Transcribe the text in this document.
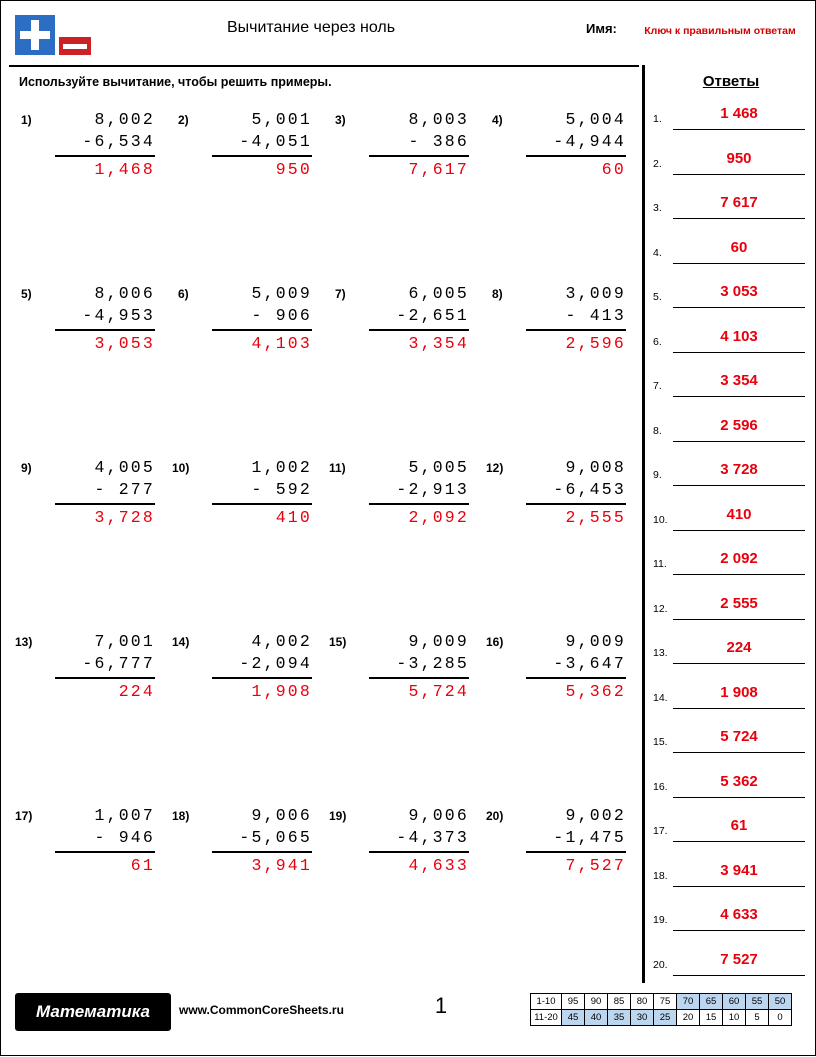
Вычитание через ноль	Имя:	Ключ к правильным ответам
Используйте вычитание, чтобы решить примеры.
1)	8,002
-6,534
1,468
2)	5,001
-4,051
950
3)	8,003
- 386
7,617
4)	5,004
-4,944
60
5)	8,006
-4,953
3,053
6)	5,009
- 906
4,103
7)	6,005
-2,651
3,354
8)	3,009
- 413
2,596
9)	4,005
- 277
3,728
10)	1,002
- 592
410
11)	5,005
-2,913
2,092
12)	9,008
-6,453
2,555
13)	7,001
-6,777
224
14)	4,002
-2,094
1,908
15)	9,009
-3,285
5,724
16)	9,009
-3,647
5,362
17)	1,007
- 946
61
18)	9,006
-5,065
3,941
19)	9,006
-4,373
4,633
20)	9,002
-1,475
7,527
Ответы
1.	1 468
2.	950
3.	7 617
4.	60
5.	3 053
6.	4 103
7.	3 354
8.	2 596
9.	3 728
10.	410
11.	2 092
12.	2 555
13.	224
14.	1 908
15.	5 724
16.	5 362
17.	61
18.	3 941
19.	4 633
20.	7 527
Математика	www.CommonCoreSheets.ru	1	1-10	95	90	85	80	75	70	65	60	55	50
11-20	45	40	35	30	25	20	15	10	5	0
